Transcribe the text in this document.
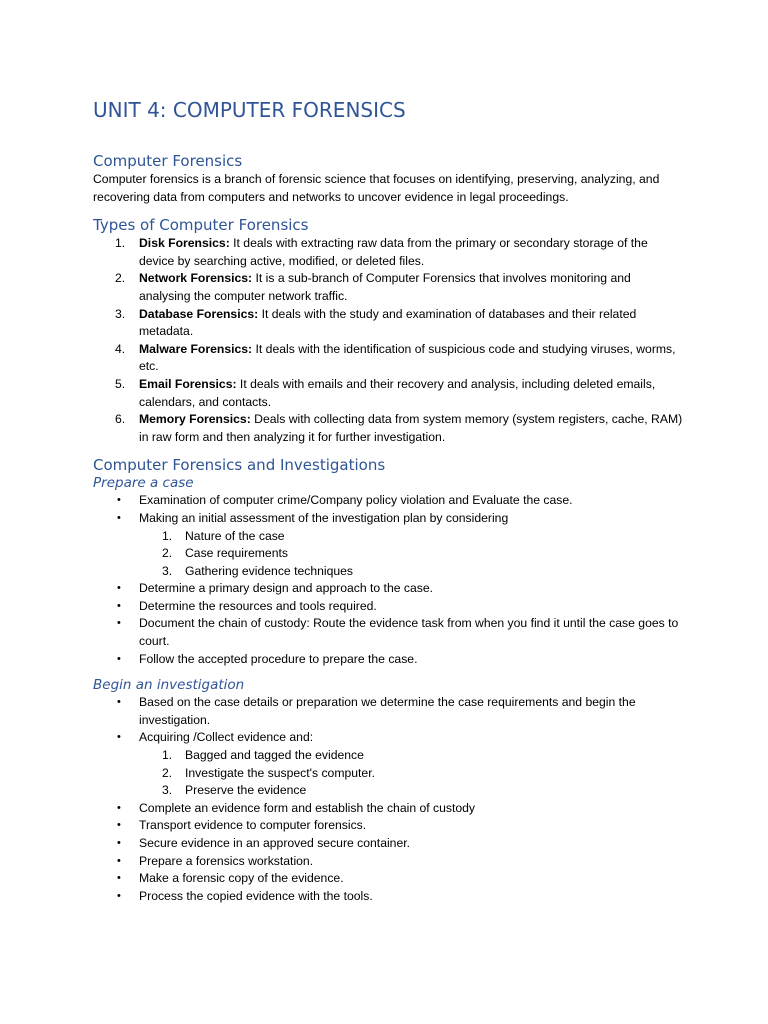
UNIT 4: COMPUTER FORENSICS
Computer Forensics

Computer forensics is a branch of forensic science that focuses on identifying, preserving, analyzing, and recovering data from computers and networks to uncover evidence in legal proceedings.

Types of Computer Forensics
1. Disk Forensics: It deals with extracting raw data from the primary or secondary storage of the device by searching active, modified, or deleted files.
2. Network Forensics: It is a sub-branch of Computer Forensics that involves monitoring and analysing the computer network traffic.
3. Database Forensics: It deals with the study and examination of databases and their related metadata.
4. Malware Forensics: It deals with the identification of suspicious code and studying viruses, worms, etc.
5. Email Forensics: It deals with emails and their recovery and analysis, including deleted emails, calendars, and contacts.
6. Memory Forensics: Deals with collecting data from system memory (system registers, cache, RAM) in raw form and then analyzing it for further investigation.
Computer Forensics and Investigations
Prepare a case
• Examination of computer crime/Company policy violation and Evaluate the case.
• Making an initial assessment of the investigation plan by considering
1. Nature of the case
2. Case requirements
3. Gathering evidence techniques
• Determine a primary design and approach to the case.
• Determine the resources and tools required.
• Document the chain of custody: Route the evidence task from when you find it until the case goes to court.
• Follow the accepted procedure to prepare the case.
Begin an investigation
• Based on the case details or preparation we determine the case requirements and begin the investigation.
• Acquiring /Collect evidence and:
1. Bagged and tagged the evidence
2. Investigate the suspect's computer.
3. Preserve the evidence
• Complete an evidence form and establish the chain of custody
• Transport evidence to computer forensics.
• Secure evidence in an approved secure container.
• Prepare a forensics workstation.
• Make a forensic copy of the evidence.
• Process the copied evidence with the tools.
